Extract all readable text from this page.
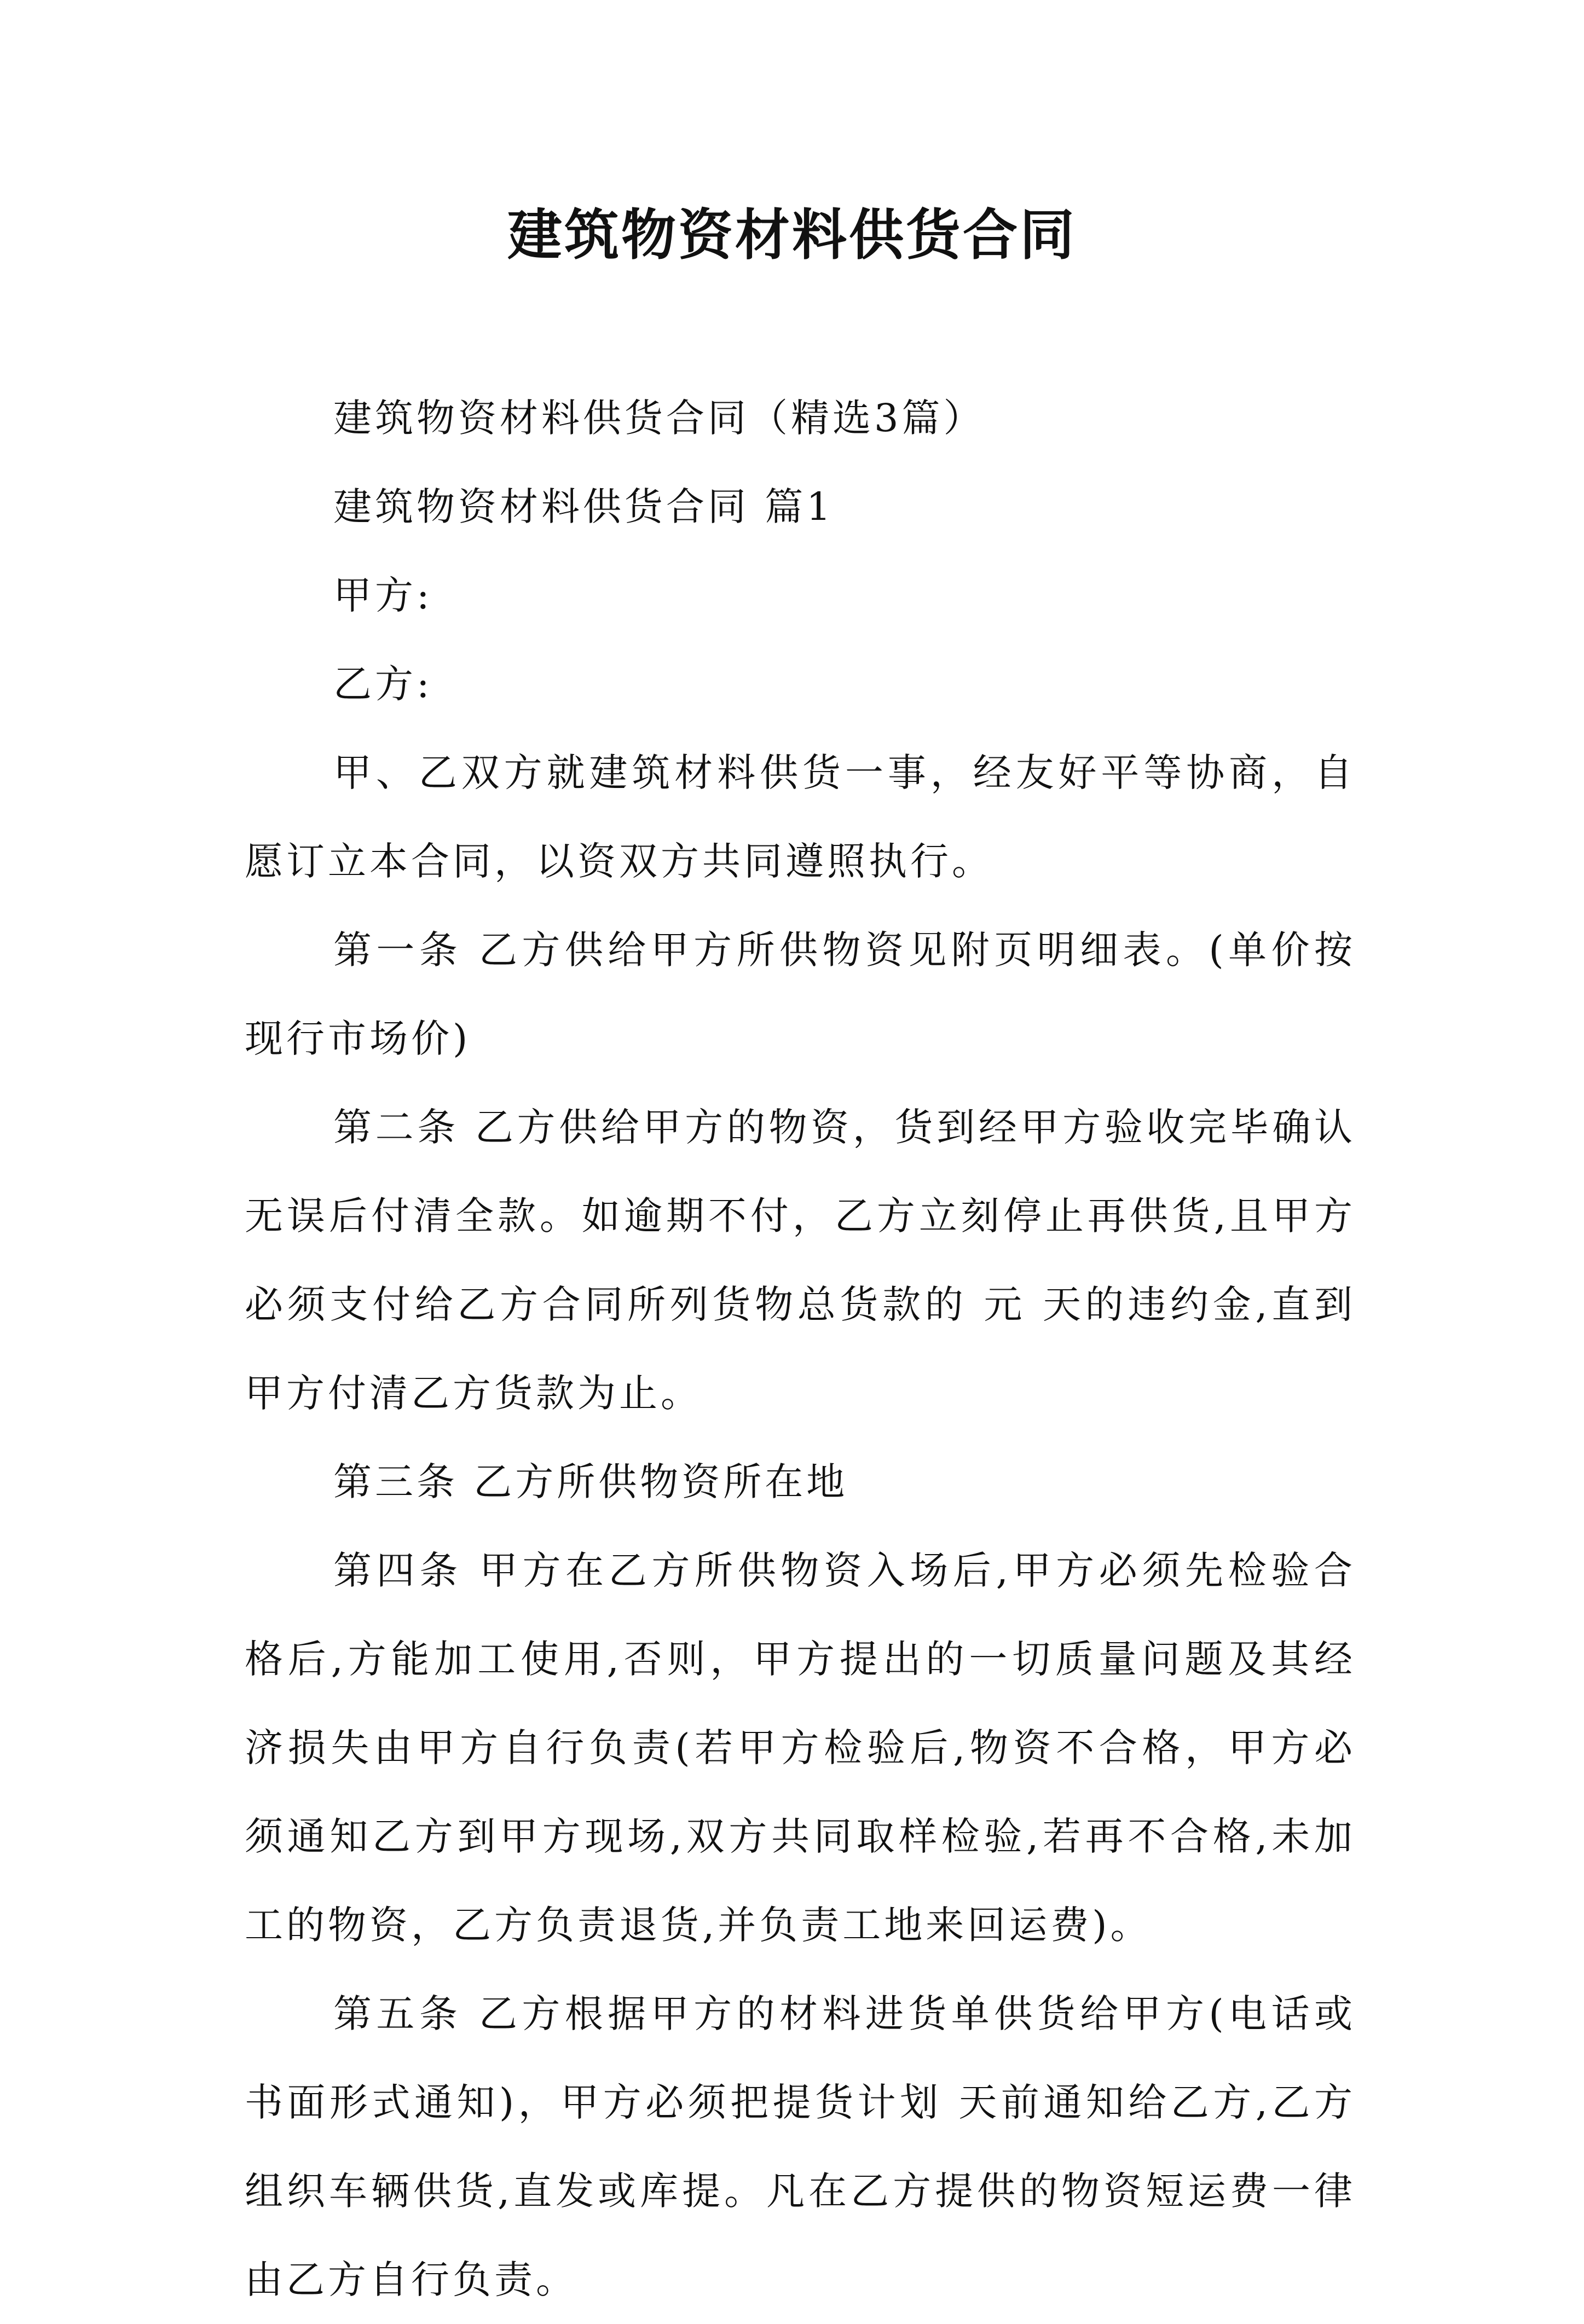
建筑物资材料供货合同

建筑物资材料供货合同（精选3篇）

建筑物资材料供货合同 篇1

甲方:

乙方:

甲、乙双方就建筑材料供货一事，经友好平等协商，自愿订立本合同，以资双方共同遵照执行。

第一条 乙方供给甲方所供物资见附页明细表。(单价按现行市场价)

第二条 乙方供给甲方的物资，货到经甲方验收完毕确认无误后付清全款。如逾期不付，乙方立刻停止再供货,且甲方必须支付给乙方合同所列货物总货款的 元 天的违约金,直到甲方付清乙方货款为止。

第三条 乙方所供物资所在地

第四条 甲方在乙方所供物资入场后,甲方必须先检验合格后,方能加工使用,否则，甲方提出的一切质量问题及其经济损失由甲方自行负责(若甲方检验后,物资不合格，甲方必须通知乙方到甲方现场,双方共同取样检验,若再不合格,未加工的物资，乙方负责退货,并负责工地来回运费)。

第五条 乙方根据甲方的材料进货单供货给甲方(电话或书面形式通知)，甲方必须把提货计划 天前通知给乙方,乙方组织车辆供货,直发或库提。凡在乙方提供的物资短运费一律由乙方自行负责。
